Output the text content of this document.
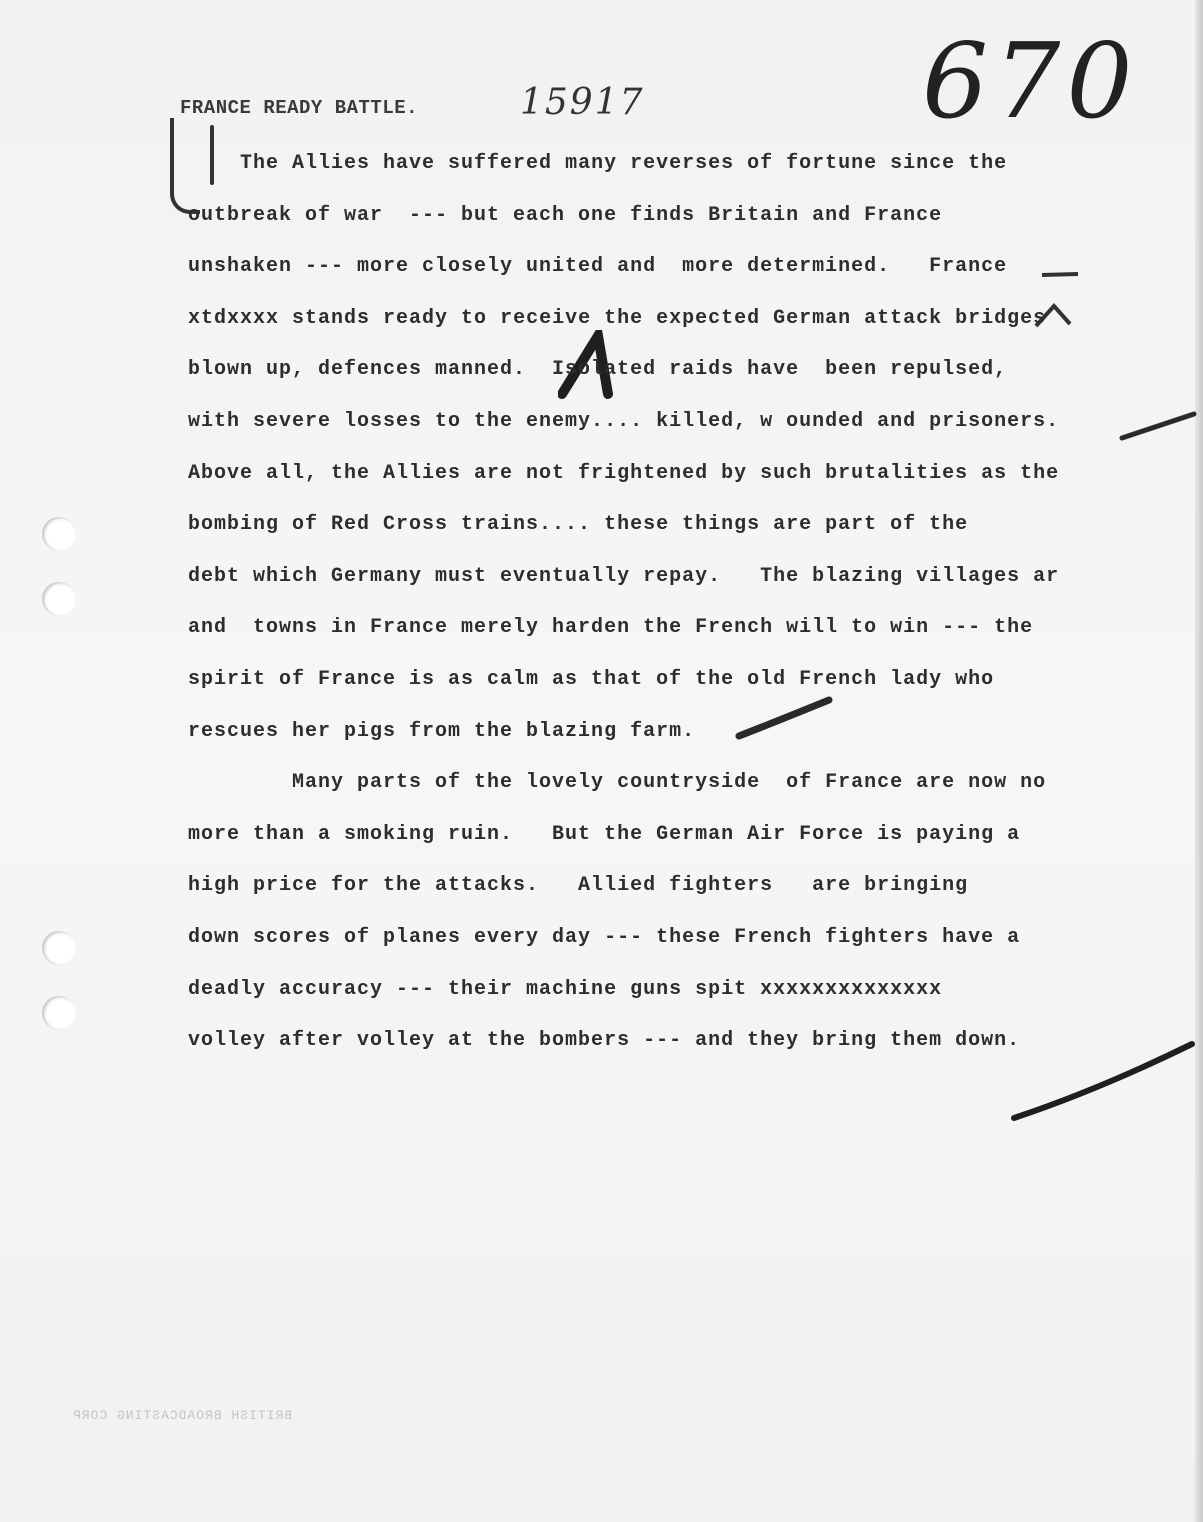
FRANCE READY BATTLE.	15917	670

The Allies have suffered many reverses of fortune since the

outbreak of war  --- but each one finds Britain and France

unshaken --- more closely united and  more determined.   France

xtdxxxx stands ready to receive the expected German attack bridges

blown up, defences manned.  Isolated raids have  been repulsed,

with severe losses to the enemy.... killed, w ounded and prisoners.

Above all, the Allies are not frightened by such brutalities as the

bombing of Red Cross trains.... these things are part of the

debt which Germany must eventually repay.   The blazing villages ar

and  towns in France merely harden the French will to win --- the

spirit of France is as calm as that of the old French lady who

rescues her pigs from the blazing farm.

Many parts of the lovely countryside  of France are now no

more than a smoking ruin.   But the German Air Force is paying a

high price for the attacks.   Allied fighters   are bringing

down scores of planes every day --- these French fighters have a

deadly accuracy --- their machine guns spit xxxxxxxxxxxxxx

volley after volley at the bombers --- and they bring them down.

BRITISH BROADCASTING CORP
